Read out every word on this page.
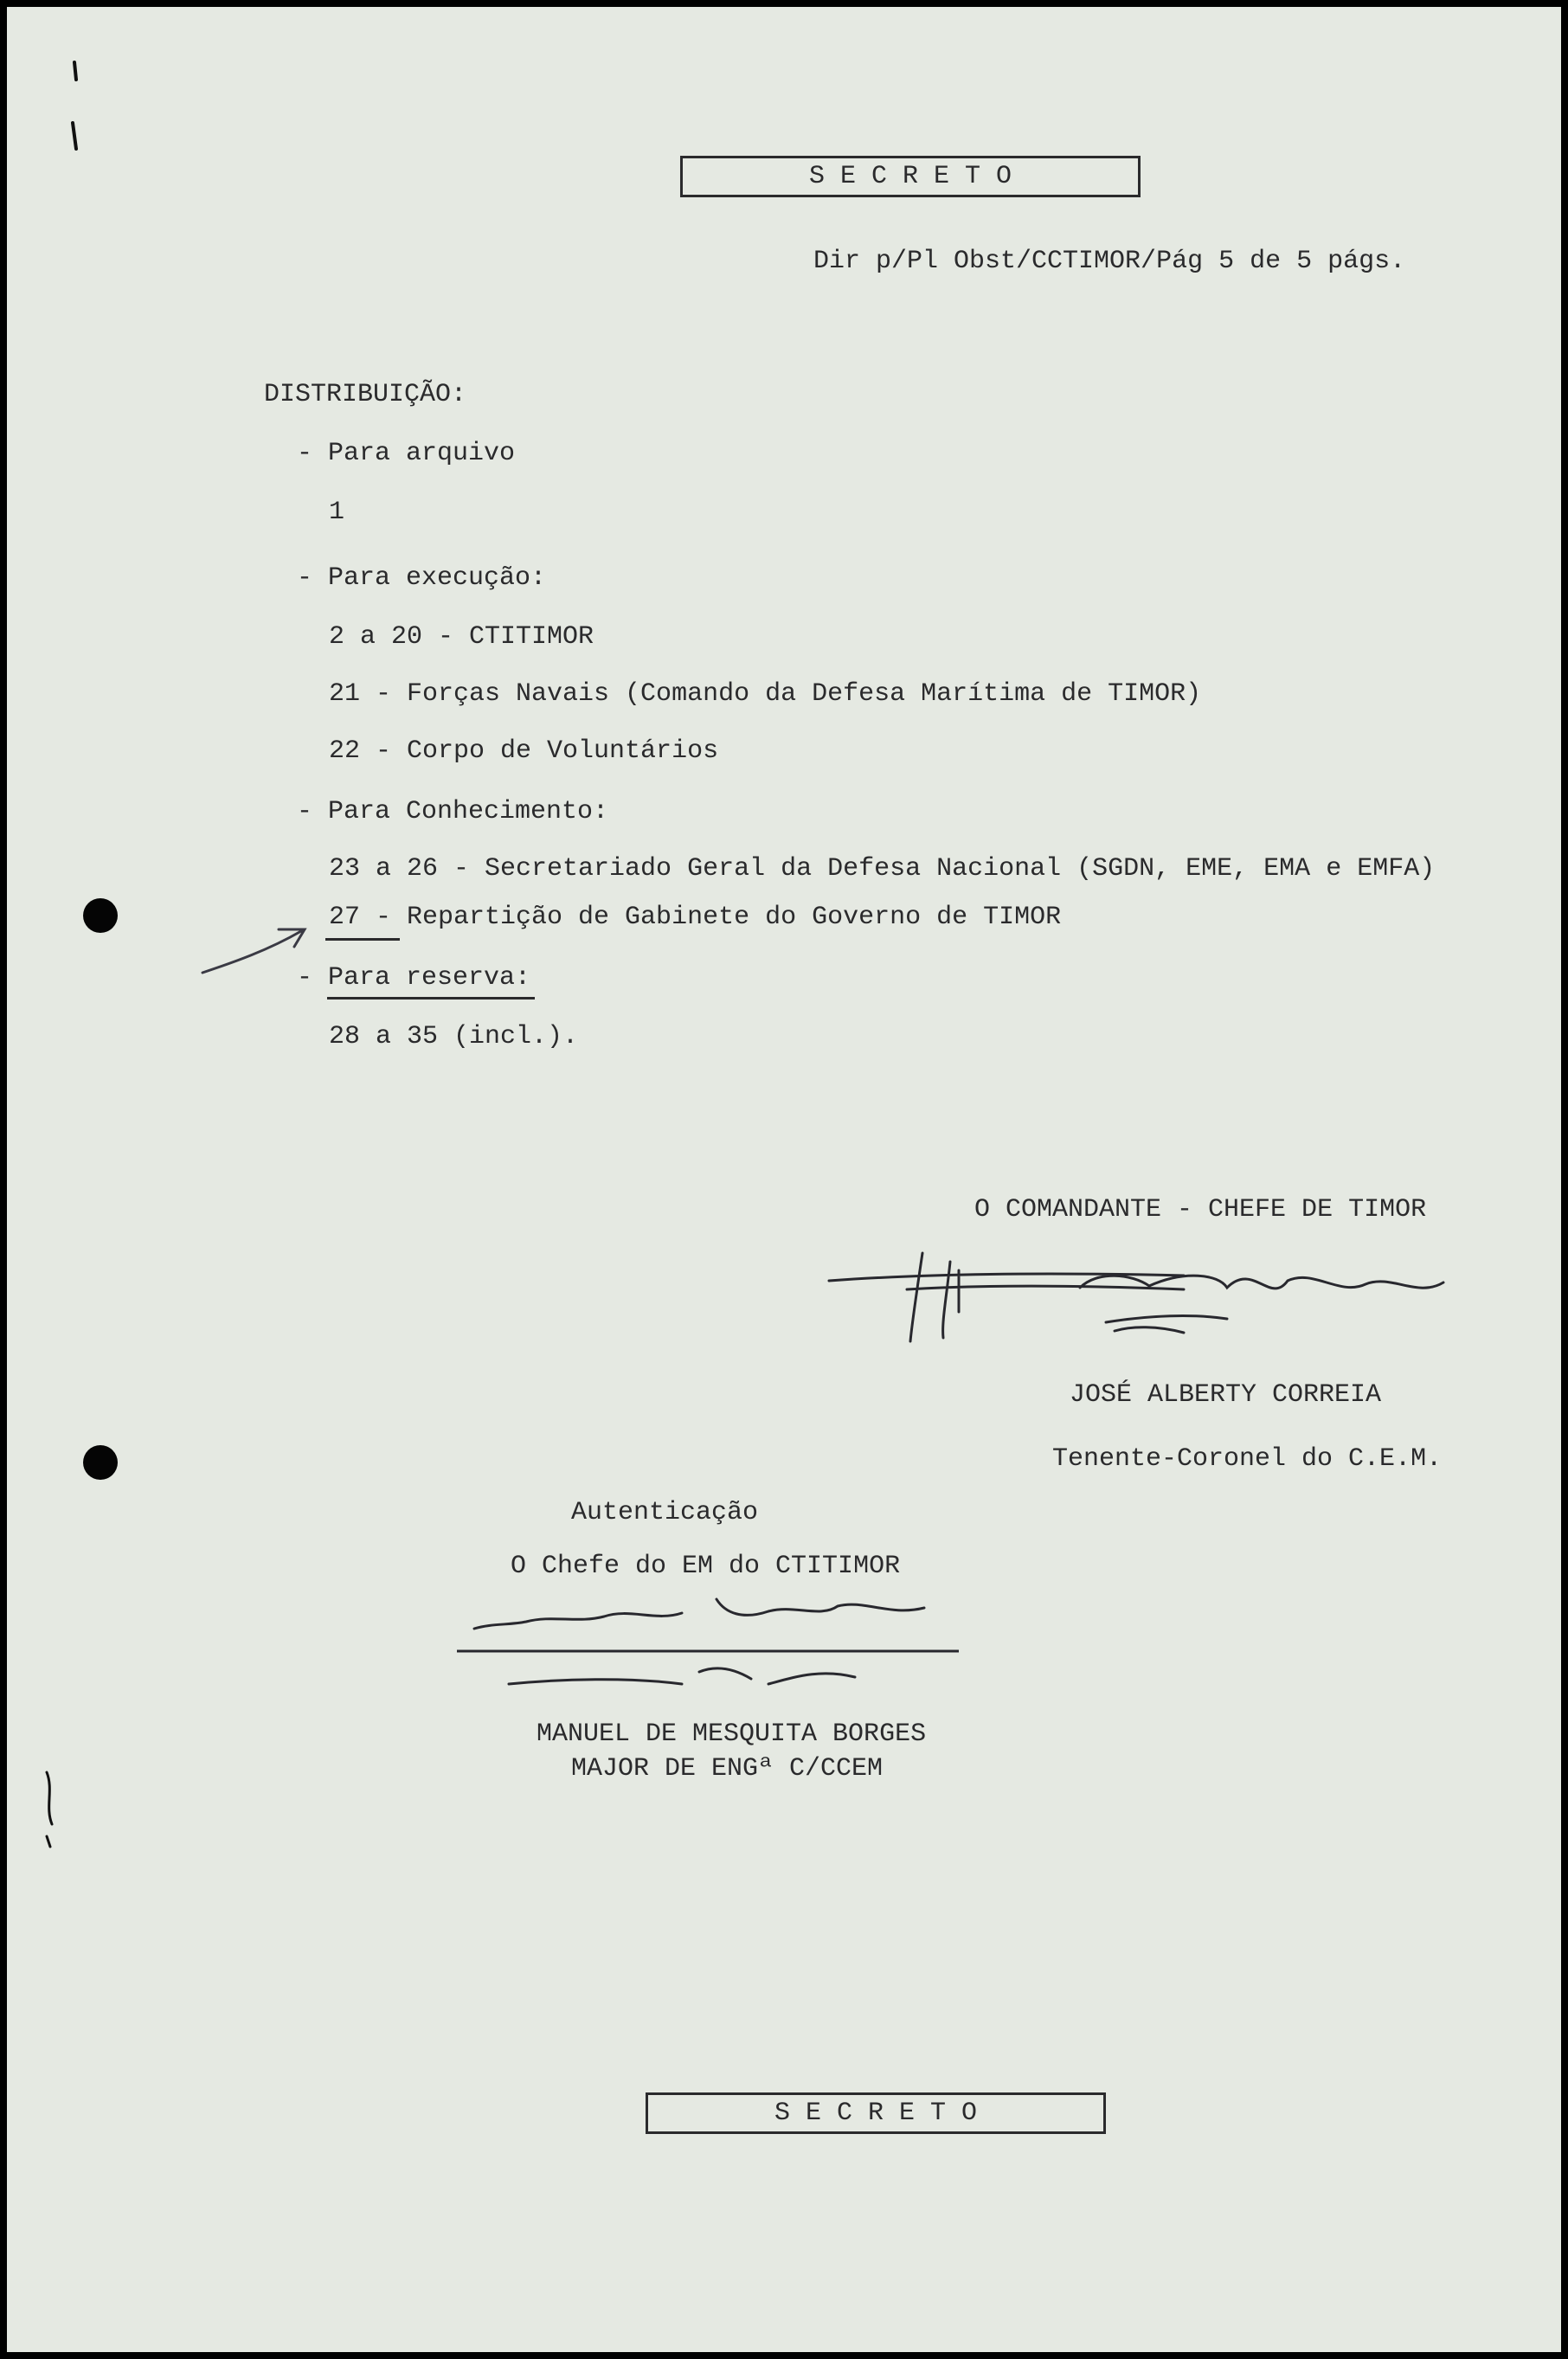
S E C R E T O
Dir p/Pl Obst/CCTIMOR/Pág 5 de 5 págs.
DISTRIBUIÇÃO:
- Para arquivo
1
- Para execução:
2 a 20 - CTITIMOR
21 - Forças Navais (Comando da Defesa Marítima de TIMOR)
22 - Corpo de Voluntários
- Para Conhecimento:
23 a 26 - Secretariado Geral da Defesa Nacional (SGDN, EME, EMA e EMFA)
27 - Repartição de Gabinete do Governo de TIMOR
- Para reserva:
28 a 35 (incl.).
O COMANDANTE - CHEFE DE TIMOR
JOSÉ ALBERTY CORREIA
Tenente-Coronel do C.E.M.
Autenticação
O Chefe do EM do CTITIMOR
MANUEL DE MESQUITA BORGES
MAJOR DE ENGª C/CCEM
S E C R E T O
